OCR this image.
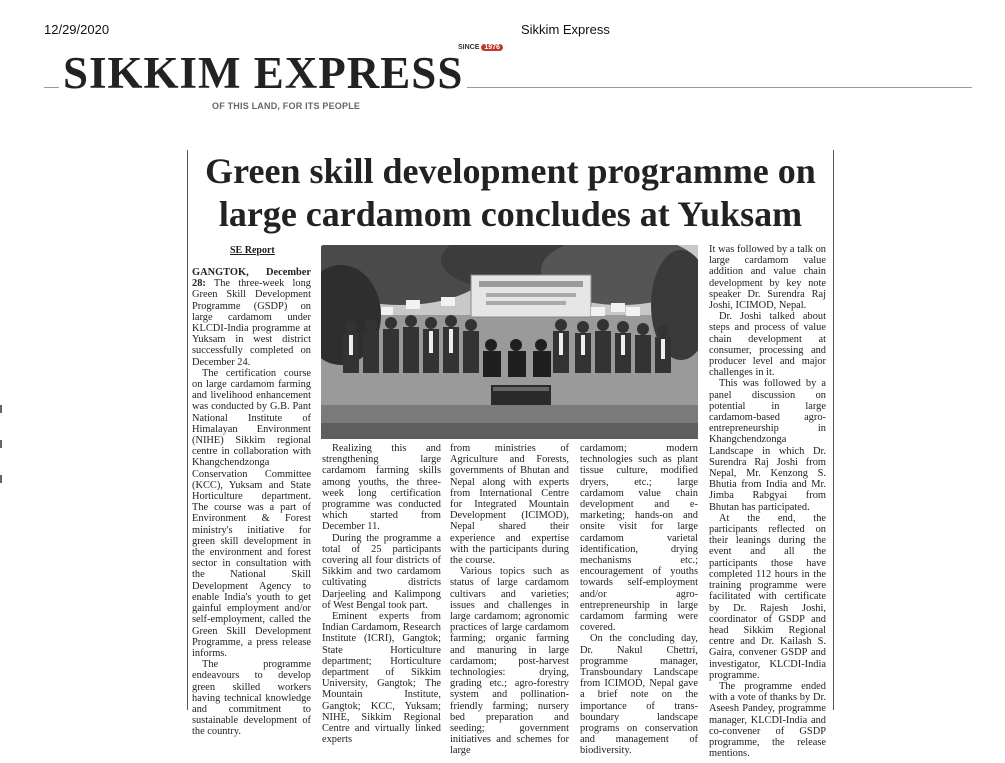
12/29/2020	Sikkim Express
SIKKIM EXPRESS
SINCE 1976
OF THIS LAND, FOR ITS PEOPLE
Green skill development programme on
large cardamom concludes at Yuksam
SE Report

GANGTOK, December 28: The three-week long Green Skill Development Programme (GSDP) on large cardamom under KLCDI-India programme at Yuksam in west district successfully completed on December 24.

The certification course on large cardamom farming and livelihood enhancement was conducted by G.B. Pant National Institute of Himalayan Environment (NIHE) Sikkim regional centre in collaboration with Khangchendzonga Conservation Committee (KCC), Yuksam and State Horticulture department. The course was a part of Environment & Forest ministry's initiative for green skill development in the environment and forest sector in consultation with the National Skill Development Agency to enable India's youth to get gainful employment and/or self-employment, called the Green Skill Development Programme, a press release informs.

The programme endeavours to develop green skilled workers having technical knowledge and commitment to sustainable development of the country.

Realizing this and strengthening large cardamom farming skills among youths, the three-week long certification programme was conducted which started from December 11.

During the programme a total of 25 participants covering all four districts of Sikkim and two cardamom cultivating districts Darjeeling and Kalimpong of West Bengal took part.

Eminent experts from Indian Cardamom, Research Institute (ICRI), Gangtok; State Horticulture department; Horticulture department of Sikkim University, Gangtok; The Mountain Institute, Gangtok; KCC, Yuksam; NIHE, Sikkim Regional Centre and virtually linked experts

from ministries of Agriculture and Forests, governments of Bhutan and Nepal along with experts from International Centre for Integrated Mountain Development (ICIMOD), Nepal shared their experience and expertise with the participants during the course.

Various topics such as status of large cardamom cultivars and varieties; issues and challenges in large cardamom; agronomic practices of large cardamom farming; organic farming and manuring in large cardamom; post-harvest technologies: drying, grading etc.; agro-forestry system and pollination-friendly farming; nursery bed preparation and seeding; government initiatives and schemes for large

cardamom; modern technologies such as plant tissue culture, modified dryers, etc.; large cardamom value chain development and e-marketing; hands-on and onsite visit for large cardamom varietal identification, drying mechanisms etc.; encouragement of youths towards self-employment and/or agro-entrepreneurship in large cardamom farming were covered.

On the concluding day, Dr. Nakul Chettri, programme manager, Transboundary Landscape from ICIMOD, Nepal gave a brief note on the importance of trans-boundary landscape programs on conservation and management of biodiversity.

It was followed by a talk on large cardamom value addition and value chain development by key note speaker Dr. Surendra Raj Joshi, ICIMOD, Nepal.

Dr. Joshi talked about steps and process of value chain development at consumer, processing and producer level and major challenges in it.

This was followed by a panel discussion on potential in large cardamom-based agro-entrepreneurship in Khangchendzonga Landscape in which Dr. Surendra Raj Joshi from Nepal, Mr. Kenzong S. Bhutia from India and Mr. Jimba Rabgyai from Bhutan has participated.

At the end, the participants reflected on their leanings during the event and all the participants those have completed 112 hours in the training programme were facilitated with certificate by Dr. Rajesh Joshi, coordinator of GSDP and head Sikkim Regional centre and Dr. Kailash S. Gaira, convener GSDP and investigator, KLCDI-India programme.

The programme ended with a vote of thanks by Dr. Aseesh Pandey, programme manager, KLCDI-India and co-convener of GSDP programme, the release mentions.
